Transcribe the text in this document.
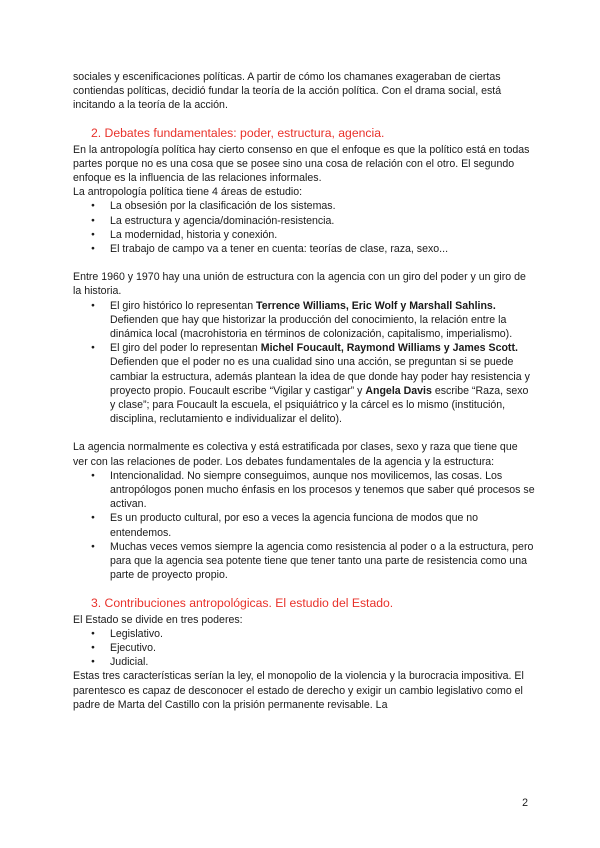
sociales y escenificaciones políticas. A partir de cómo los chamanes exageraban de ciertas contiendas políticas, decidió fundar la teoría de la acción política. Con el drama social, está incitando a la teoría de la acción.

2. Debates fundamentales: poder, estructura, agencia.

En la antropología política hay cierto consenso en que el enfoque es que la político está en todas partes porque no es una cosa que se posee sino una cosa de relación con el otro. El segundo enfoque es la influencia de las relaciones informales.

La antropología política tiene 4 áreas de estudio:

● La obsesión por la clasificación de los sistemas.
● La estructura y agencia/dominación-resistencia.
● La modernidad, historia y conexión.
● El trabajo de campo va a tener en cuenta: teorías de clase, raza, sexo...

Entre 1960 y 1970 hay una unión de estructura con la agencia con un giro del poder y un giro de la historia.

● El giro histórico lo representan Terrence Williams, Eric Wolf y Marshall Sahlins. Defienden que hay que historizar la producción del conocimiento, la relación entre la dinámica local (macrohistoria en términos de colonización, capitalismo, imperialismo).
● El giro del poder lo representan Michel Foucault, Raymond Williams y James Scott. Defienden que el poder no es una cualidad sino una acción, se preguntan si se puede cambiar la estructura, además plantean la idea de que donde hay poder hay resistencia y proyecto propio. Foucault escribe “Vigilar y castigar” y Angela Davis escribe “Raza, sexo y clase”; para Foucault la escuela, el psiquiátrico y la cárcel es lo mismo (institución, disciplina, reclutamiento e individualizar el delito).

La agencia normalmente es colectiva y está estratificada por clases, sexo y raza que tiene que ver con las relaciones de poder. Los debates fundamentales de la agencia y la estructura:

● Intencionalidad. No siempre conseguimos, aunque nos movilicemos, las cosas. Los antropólogos ponen mucho énfasis en los procesos y tenemos que saber qué procesos se activan.
● Es un producto cultural, por eso a veces la agencia funciona de modos que no entendemos.
● Muchas veces vemos siempre la agencia como resistencia al poder o a la estructura, pero para que la agencia sea potente tiene que tener tanto una parte de resistencia como una parte de proyecto propio.
3. Contribuciones antropológicas. El estudio del Estado.

El Estado se divide en tres poderes:

● Legislativo.
● Ejecutivo.
● Judicial.

Estas tres características serían la ley, el monopolio de la violencia y la burocracia impositiva. El parentesco es capaz de desconocer el estado de derecho y exigir un cambio legislativo como el padre de Marta del Castillo con la prisión permanente revisable. La

2
